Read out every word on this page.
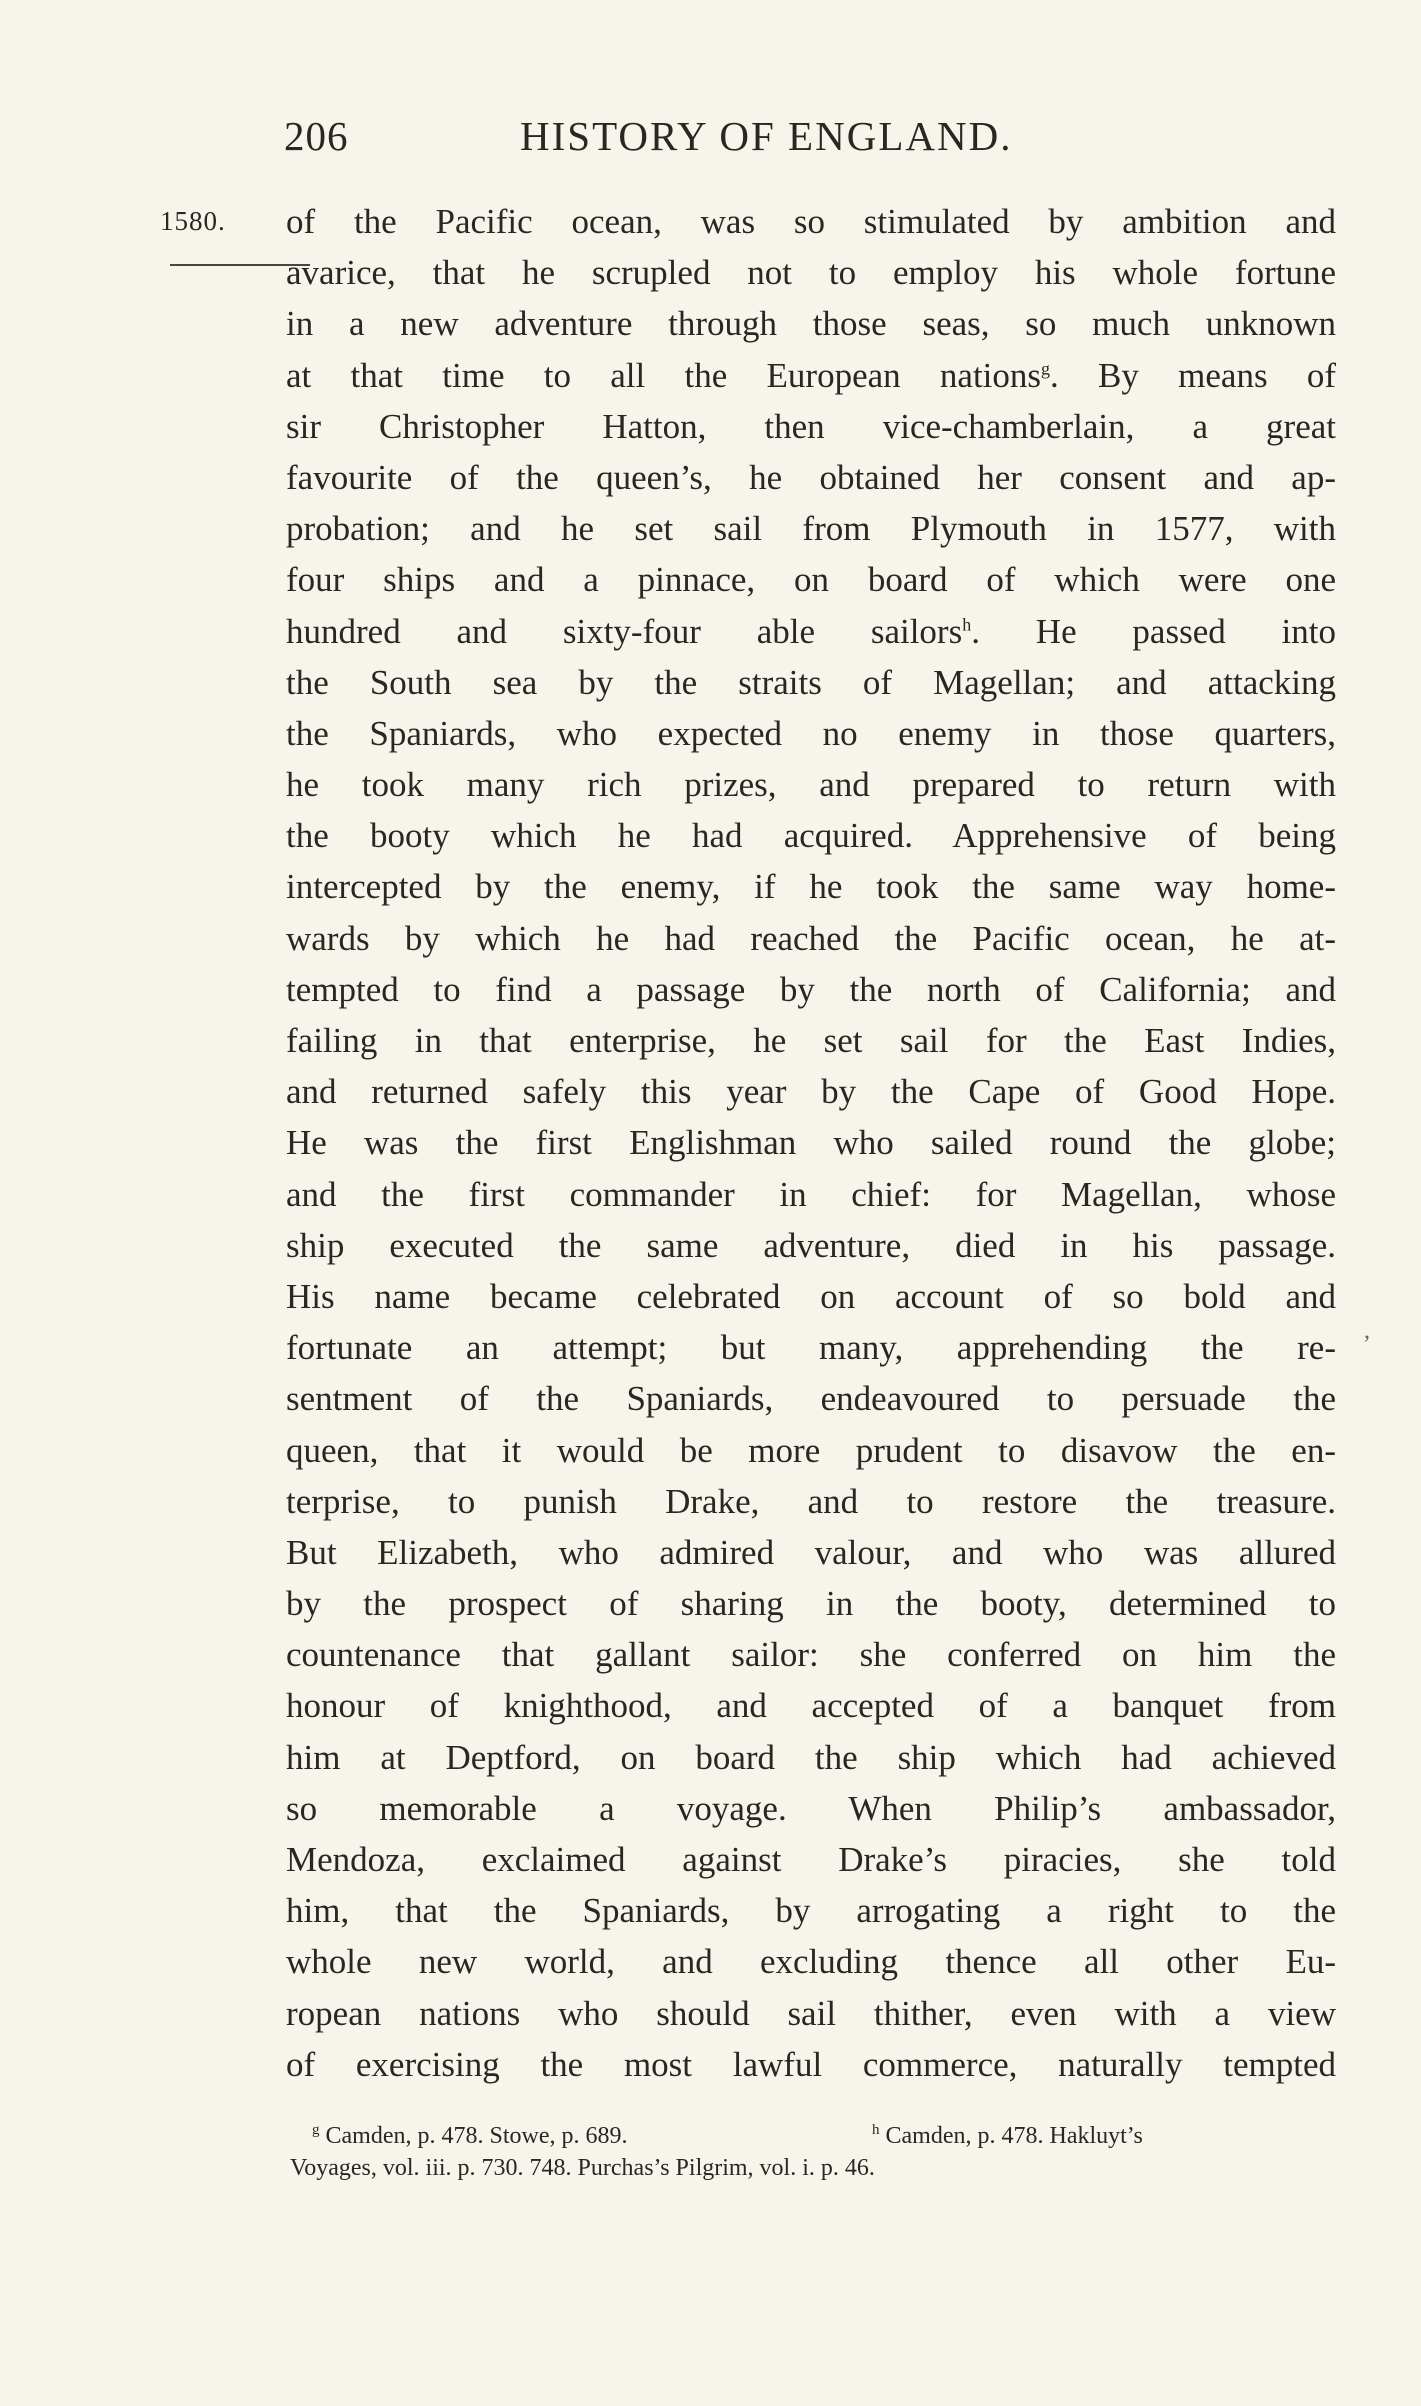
206	HISTORY OF ENGLAND.
1580. of the Pacific ocean, was so stimulated by ambition and
avarice, that he scrupled not to employ his whole fortune
in a new adventure through those seas, so much unknown
at that time to all the European nations$^g$. By means of
sir Christopher Hatton, then vice-chamberlain, a great
favourite of the queen’s, he obtained her consent and ap-
probation; and he set sail from Plymouth in 1577, with
four ships and a pinnace, on board of which were one
hundred and sixty-four able sailors$^h$. He passed into
the South sea by the straits of Magellan; and attacking
the Spaniards, who expected no enemy in those quarters,
he took many rich prizes, and prepared to return with
the booty which he had acquired. Apprehensive of being
intercepted by the enemy, if he took the same way home-
wards by which he had reached the Pacific ocean, he at-
tempted to find a passage by the north of California; and
failing in that enterprise, he set sail for the East Indies,
and returned safely this year by the Cape of Good Hope.
He was the first Englishman who sailed round the globe;
and the first commander in chief: for Magellan, whose
ship executed the same adventure, died in his passage.
His name became celebrated on account of so bold and
fortunate an attempt; but many, apprehending the re-
sentment of the Spaniards, endeavoured to persuade the
queen, that it would be more prudent to disavow the en-
terprise, to punish Drake, and to restore the treasure.
But Elizabeth, who admired valour, and who was allured
by the prospect of sharing in the booty, determined to
countenance that gallant sailor: she conferred on him the
honour of knighthood, and accepted of a banquet from
him at Deptford, on board the ship which had achieved
so memorable a voyage. When Philip’s ambassador,
Mendoza, exclaimed against Drake’s piracies, she told
him, that the Spaniards, by arrogating a right to the
whole new world, and excluding thence all other Eu-
ropean nations who should sail thither, even with a view
of exercising the most lawful commerce, naturally tempted
,
$^g$ Camden, p. 478. Stowe, p. 689.	$^h$ Camden, p. 478. Hakluyt’s
Voyages, vol. iii. p. 730. 748. Purchas’s Pilgrim, vol. i. p. 46.
